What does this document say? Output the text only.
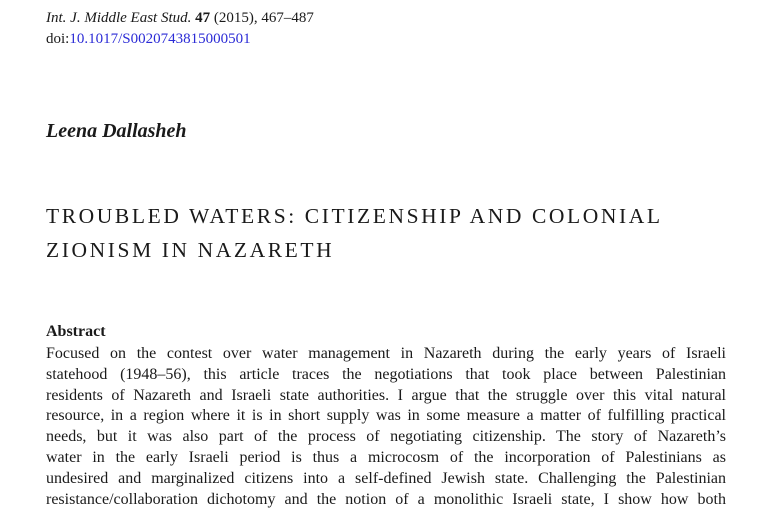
Int. J. Middle East Stud. 47 (2015), 467–487
doi:10.1017/S0020743815000501
Leena Dallasheh
TROUBLED WATERS: CITIZENSHIP AND COLONIAL
ZIONISM IN NAZARETH
Abstract
Focused on the contest over water management in Nazareth during the early years of Israeli
statehood (1948–56), this article traces the negotiations that took place between Palestinian
residents of Nazareth and Israeli state authorities. I argue that the struggle over this vital natural
resource, in a region where it is in short supply was in some measure a matter of fulfilling practical
needs, but it was also part of the process of negotiating citizenship. The story of Nazareth’s
water in the early Israeli period is thus a microcosm of the incorporation of Palestinians as
undesired and marginalized citizens into a self-defined Jewish state. Challenging the Palestinian
resistance/collaboration dichotomy and the notion of a monolithic Israeli state, I show how both
